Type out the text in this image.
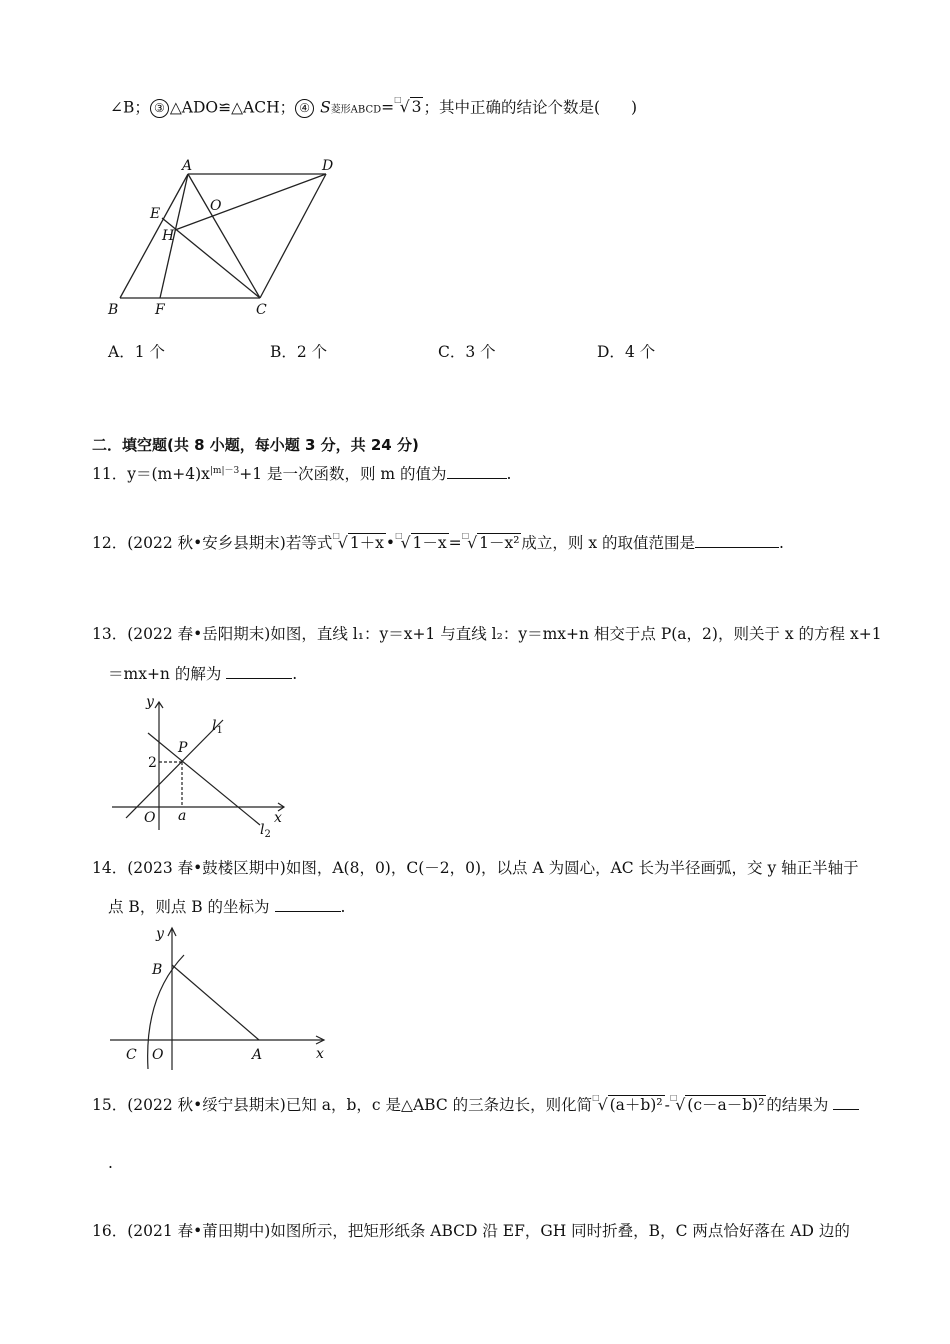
∠B； ③ △ADO≌△ACH； ④ S菱形ABCD=□√ 3 ；其中正确的结论个数是(　　)
A	D
O
E
H
B	F	C
A．1 个	B．2 个	C．3 个	D．4 个
二．填空题(共 8 小题，每小题 3 分，共 24 分)
11．$y=(m+4)x^{|m|-3}+1$ 是一次函数，则 m 的值为	.
12．(2022 秋•安乡县期末)若等式□√ 1＋x •□√ 1－x =□√ 1－x² 成立，则 x 的取值范围是	.
13．(2022 春•岳阳期末)如图，直线 l₁：y＝x+1 与直线 l₂：y＝mx+n 相交于点 P(a，2)，则关于 x 的方程 x+1
＝mx+n 的解为	.
y
x
O a
P
$l_1$
$l_2$
2
14．(2023 春•鼓楼区期中)如图，A(8，0)，C(－2，0)，以点 A 为圆心，AC 长为半径画弧，交 y 轴正半轴于
点 B，则点 B 的坐标为	.
y
x
B
C O	A
15．(2022 秋•绥宁县期末)已知 a，b，c 是△ABC 的三条边长，则化简□√ (a＋b)² -□√ (c－a－b)² 的结果为
.
16．(2021 春•莆田期中)如图所示，把矩形纸条 ABCD 沿 EF，GH 同时折叠，B，C 两点恰好落在 AD 边的
